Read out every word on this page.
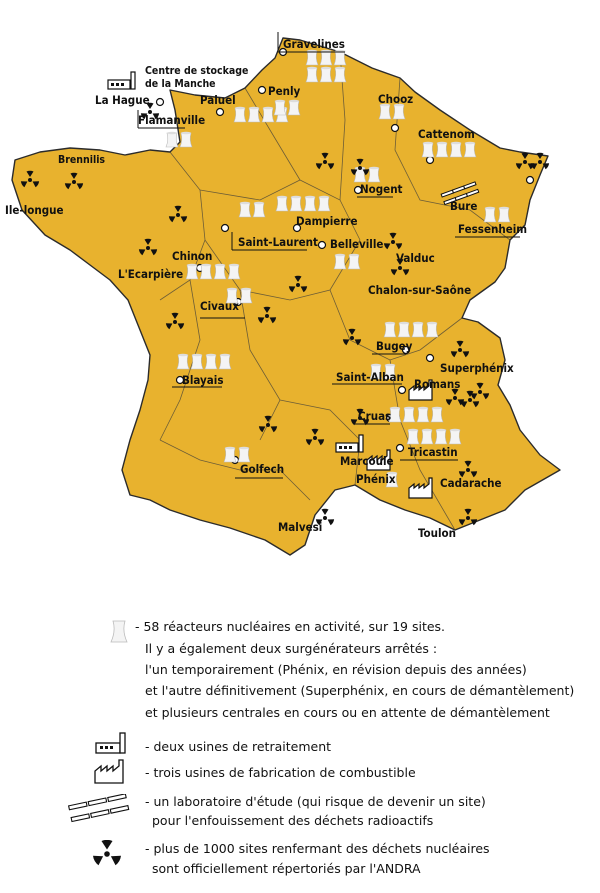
Gravelines
Centre de stockage
de la Manche
La Hague	Paluel
Penly
Flamanville
Chooz
Cattenom
Brennilis
Ile-longue
Nogent
Bure
Dampierre
Saint-Laurent Belleville
Fessenheim
Chinon	Valduc
L'Ecarpière
Chalon-sur-Saône
Civaux
Bugey
Superphénix
Blayais	Saint-Alban Romans
Cruas
Tricastin
Golfech
Marcoule
Phénix	Cadarache
Malvesi	Toulon
- 58 réacteurs nucléaires en activité, sur 19 sites.
Il y a également deux surgénérateurs arrêtés :
l'un temporairement (Phénix, en révision depuis des années)
et l'autre définitivement (Superphénix, en cours de démantèlement)
et plusieurs centrales en cours ou en attente de démantèlement
- deux usines de retraitement
- trois usines de fabrication de combustible
- un laboratoire d'étude (qui risque de devenir un site)
pour l'enfouissement des déchets radioactifs
- plus de 1000 sites renfermant des déchets nucléaires
sont officiellement répertoriés par l'ANDRA
